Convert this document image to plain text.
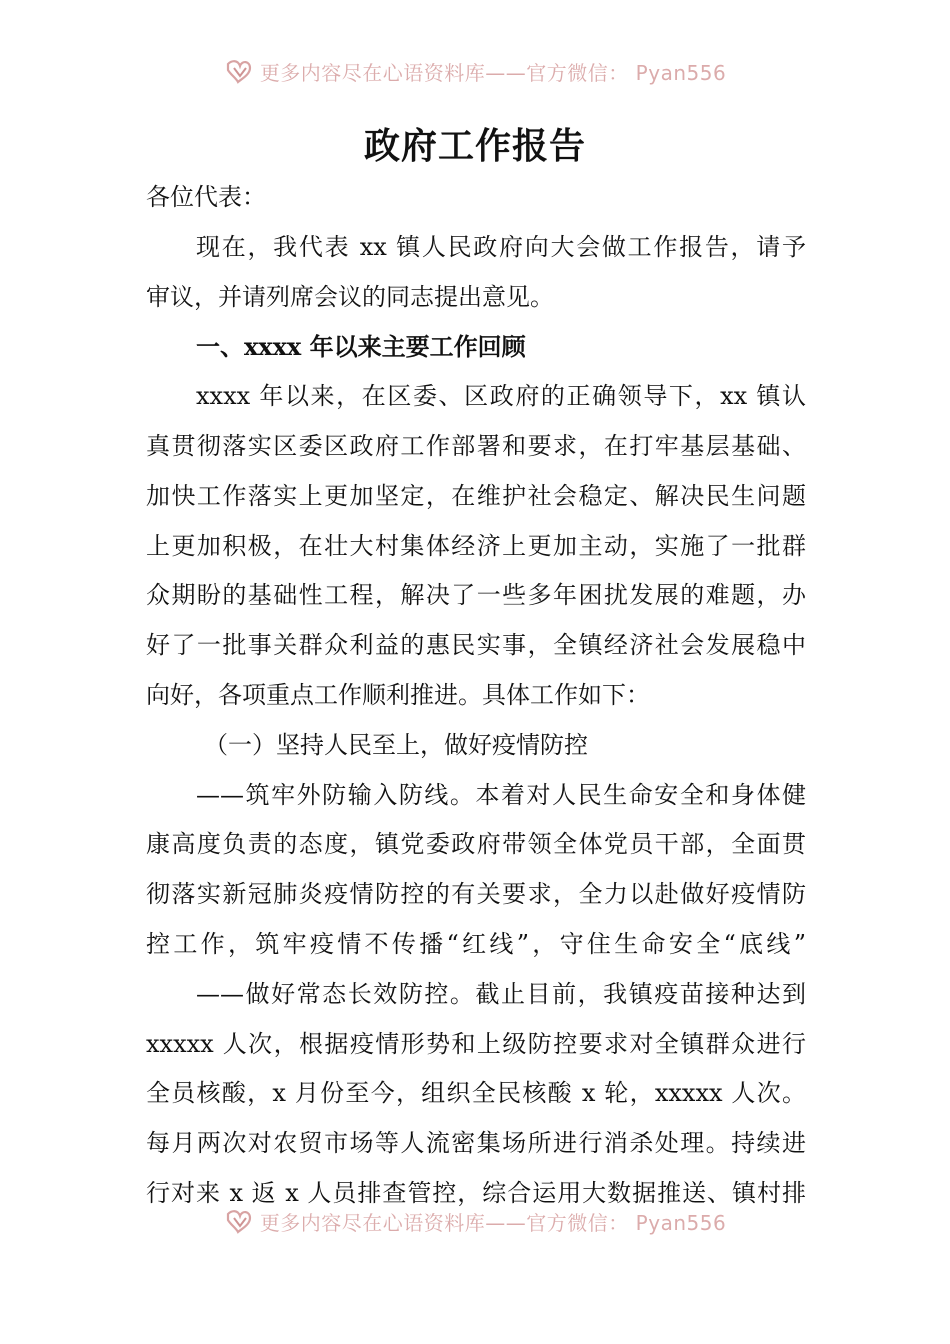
更多内容尽在心语资料库——官方微信： Pyan556
政府工作报告
各位代表：
现在，我代表 xx 镇人民政府向大会做工作报告，请予
审议，并请列席会议的同志提出意见。
一、xxxx 年以来主要工作回顾
xxxx 年以来，在区委、区政府的正确领导下，xx 镇认
真贯彻落实区委区政府工作部署和要求，在打牢基层基础、
加快工作落实上更加坚定，在维护社会稳定、解决民生问题
上更加积极，在壮大村集体经济上更加主动，实施了一批群
众期盼的基础性工程，解决了一些多年困扰发展的难题，办
好了一批事关群众利益的惠民实事，全镇经济社会发展稳中
向好，各项重点工作顺利推进。具体工作如下：
（一）坚持人民至上，做好疫情防控
——筑牢外防输入防线。本着对人民生命安全和身体健
康高度负责的态度，镇党委政府带领全体党员干部，全面贯
彻落实新冠肺炎疫情防控的有关要求，全力以赴做好疫情防
控工作，筑牢疫情不传播“红线”，守住生命安全“底线”
——做好常态长效防控。截止目前，我镇疫苗接种达到
xxxxx 人次，根据疫情形势和上级防控要求对全镇群众进行
全员核酸，x 月份至今，组织全民核酸 x 轮，xxxxx 人次。
每月两次对农贸市场等人流密集场所进行消杀处理。持续进
行对来 x 返 x 人员排查管控，综合运用大数据推送、镇村排
更多内容尽在心语资料库——官方微信： Pyan556
